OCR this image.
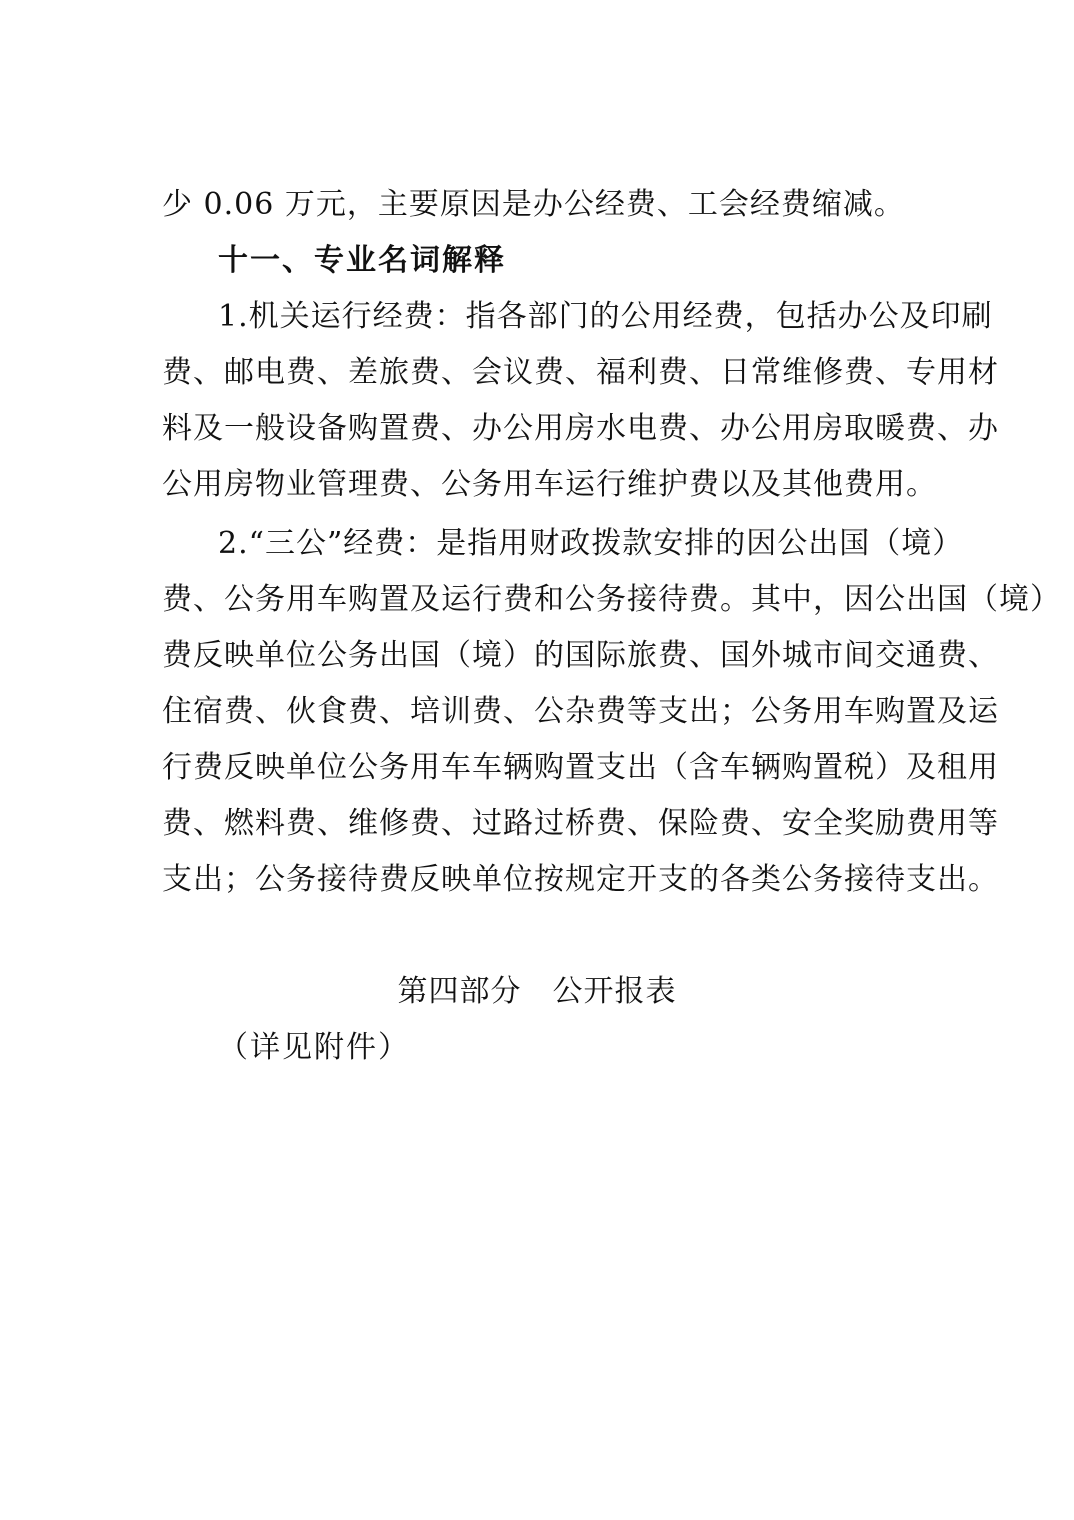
少 0.06 万元，主要原因是办公经费、工会经费缩减。
十一、专业名词解释
1.机关运行经费：指各部门的公用经费，包括办公及印刷
费、邮电费、差旅费、会议费、福利费、日常维修费、专用材
料及一般设备购置费、办公用房水电费、办公用房取暖费、办
公用房物业管理费、公务用车运行维护费以及其他费用。
2.“三公”经费：是指用财政拨款安排的因公出国（境）
费、公务用车购置及运行费和公务接待费。其中，因公出国（境）
费反映单位公务出国（境）的国际旅费、国外城市间交通费、
住宿费、伙食费、培训费、公杂费等支出；公务用车购置及运
行费反映单位公务用车车辆购置支出（含车辆购置税）及租用
费、燃料费、维修费、过路过桥费、保险费、安全奖励费用等
支出；公务接待费反映单位按规定开支的各类公务接待支出。
第四部分　公开报表
（详见附件）
